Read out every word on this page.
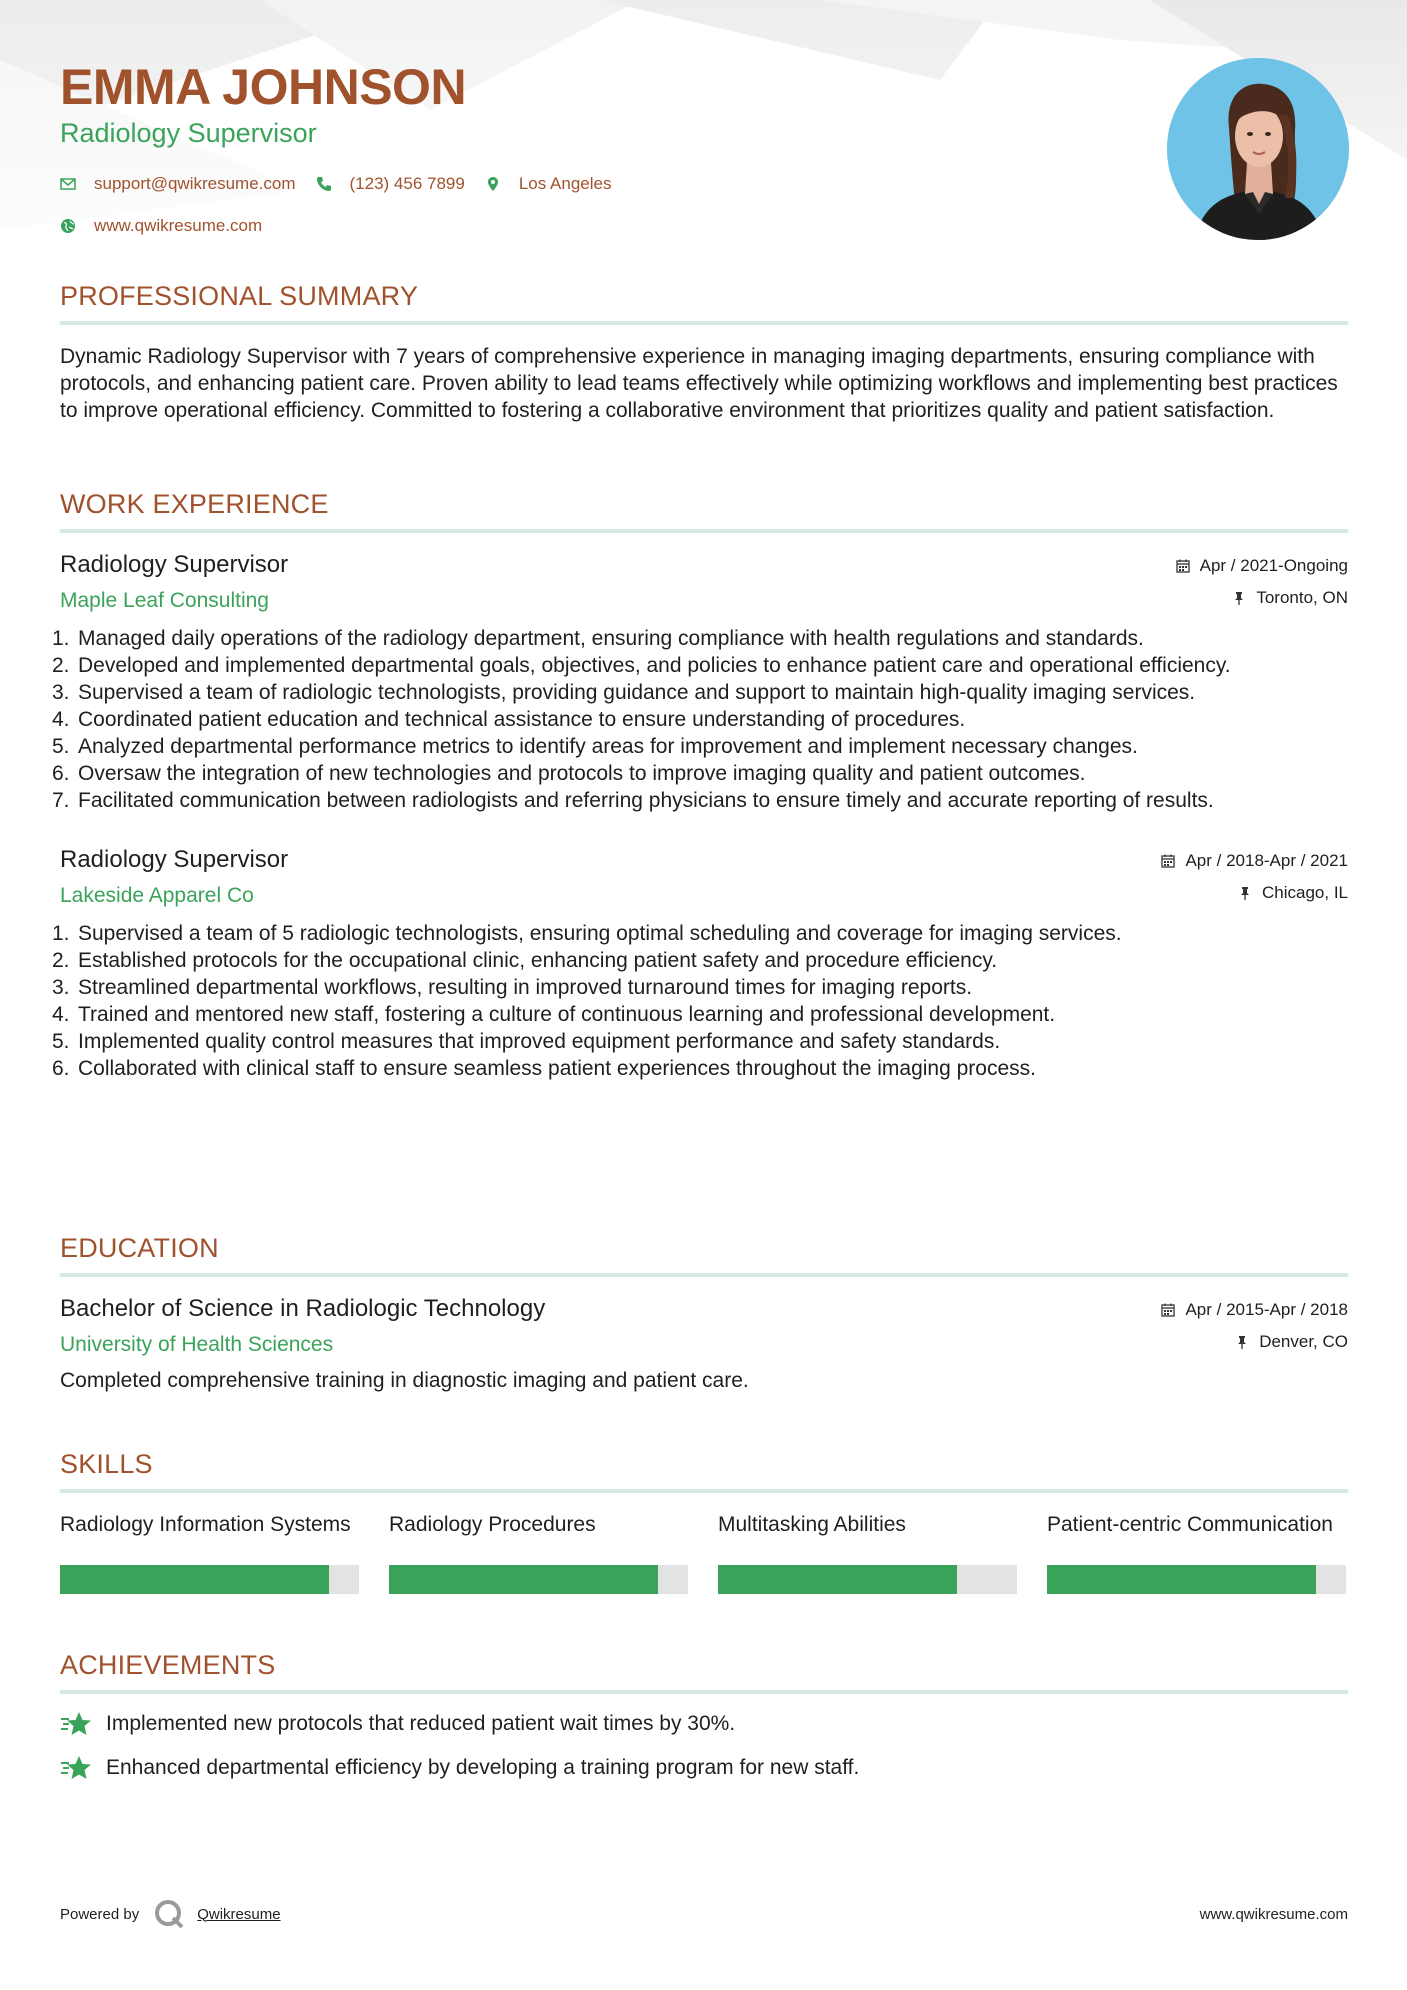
EMMA JOHNSON
Radiology Supervisor
support@qwikresume.com	(123) 456 7899	Los Angeles
www.qwikresume.com
PROFESSIONAL SUMMARY
Dynamic Radiology Supervisor with 7 years of comprehensive experience in managing imaging departments, ensuring compliance with protocols, and enhancing patient care. Proven ability to lead teams effectively while optimizing workflows and implementing best practices to improve operational efficiency. Committed to fostering a collaborative environment that prioritizes quality and patient satisfaction.
WORK EXPERIENCE
Radiology Supervisor
Maple Leaf Consulting
Apr / 2021-Ongoing
Toronto, ON
1. Managed daily operations of the radiology department, ensuring compliance with health regulations and standards.
2. Developed and implemented departmental goals, objectives, and policies to enhance patient care and operational efficiency.
3. Supervised a team of radiologic technologists, providing guidance and support to maintain high-quality imaging services.
4. Coordinated patient education and technical assistance to ensure understanding of procedures.
5. Analyzed departmental performance metrics to identify areas for improvement and implement necessary changes.
6. Oversaw the integration of new technologies and protocols to improve imaging quality and patient outcomes.
7. Facilitated communication between radiologists and referring physicians to ensure timely and accurate reporting of results.
Radiology Supervisor
Lakeside Apparel Co
Apr / 2018-Apr / 2021
Chicago, IL
1. Supervised a team of 5 radiologic technologists, ensuring optimal scheduling and coverage for imaging services.
2. Established protocols for the occupational clinic, enhancing patient safety and procedure efficiency.
3. Streamlined departmental workflows, resulting in improved turnaround times for imaging reports.
4. Trained and mentored new staff, fostering a culture of continuous learning and professional development.
5. Implemented quality control measures that improved equipment performance and safety standards.
6. Collaborated with clinical staff to ensure seamless patient experiences throughout the imaging process.
EDUCATION
Bachelor of Science in Radiologic Technology
University of Health Sciences
Apr / 2015-Apr / 2018
Denver, CO
Completed comprehensive training in diagnostic imaging and patient care.
SKILLS
Radiology Information Systems	Radiology Procedures	Multitasking Abilities	Patient-centric Communication
ACHIEVEMENTS
Implemented new protocols that reduced patient wait times by 30%.
Enhanced departmental efficiency by developing a training program for new staff.
Powered by	Qwikresume	www.qwikresume.com
